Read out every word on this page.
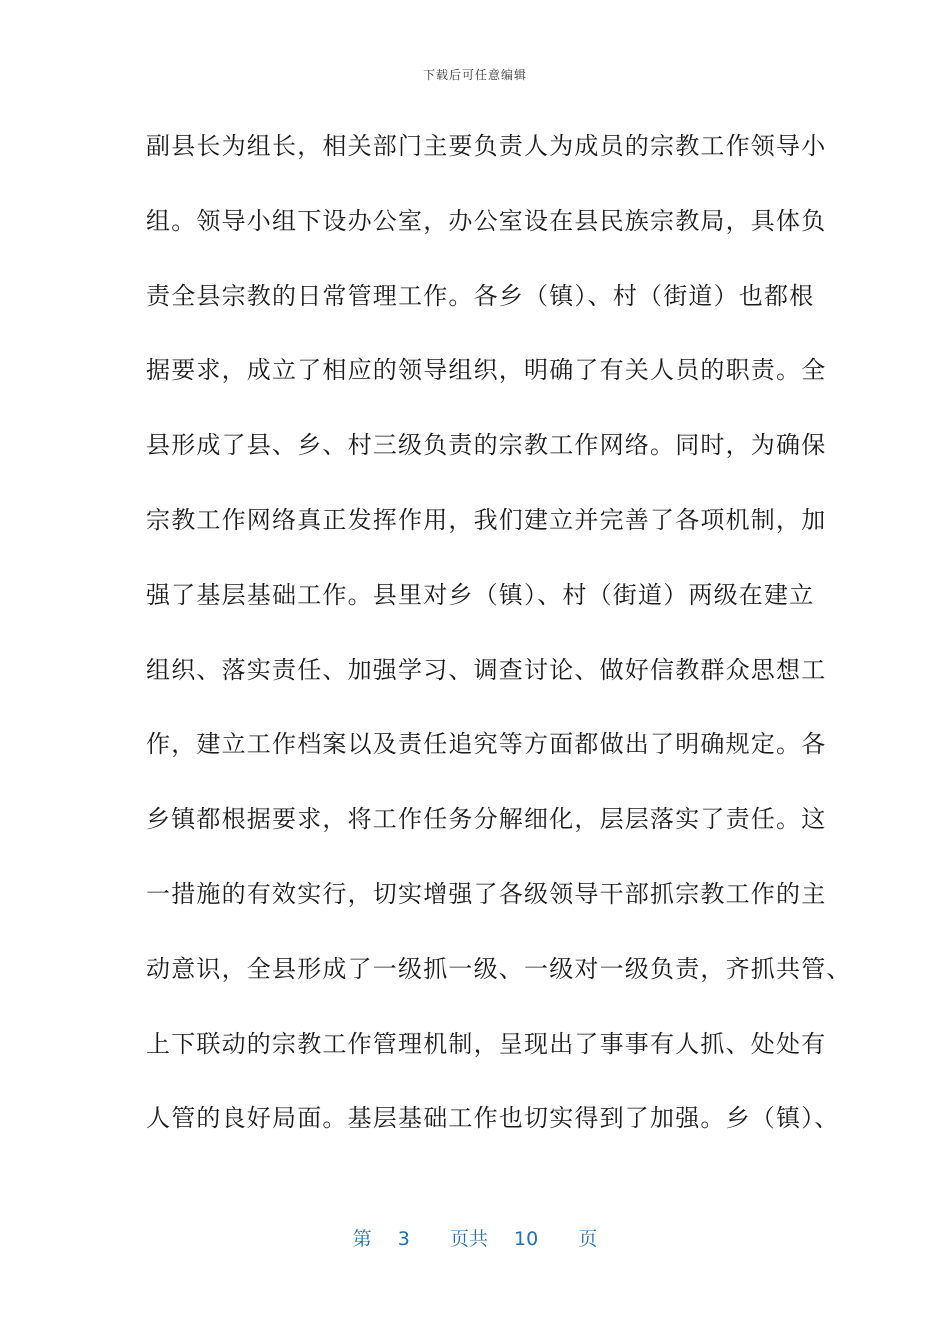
下载后可任意编辑
副县长为组长，相关部门主要负责人为成员的宗教工作领导小
组。领导小组下设办公室，办公室设在县民族宗教局，具体负
责全县宗教的日常管理工作。各乡（镇）、村（街道）也都根
据要求，成立了相应的领导组织，明确了有关人员的职责。全
县形成了县、乡、村三级负责的宗教工作网络。同时，为确保
宗教工作网络真正发挥作用，我们建立并完善了各项机制，加
强了基层基础工作。县里对乡（镇）、村（街道）两级在建立
组织、落实责任、加强学习、调查讨论、做好信教群众思想工
作，建立工作档案以及责任追究等方面都做出了明确规定。各
乡镇都根据要求，将工作任务分解细化，层层落实了责任。这
一措施的有效实行，切实增强了各级领导干部抓宗教工作的主
动意识，全县形成了一级抓一级、一级对一级负责，齐抓共管、
上下联动的宗教工作管理机制，呈现出了事事有人抓、处处有
人管的良好局面。基层基础工作也切实得到了加强。乡（镇）、
第 3 页共 10 页
